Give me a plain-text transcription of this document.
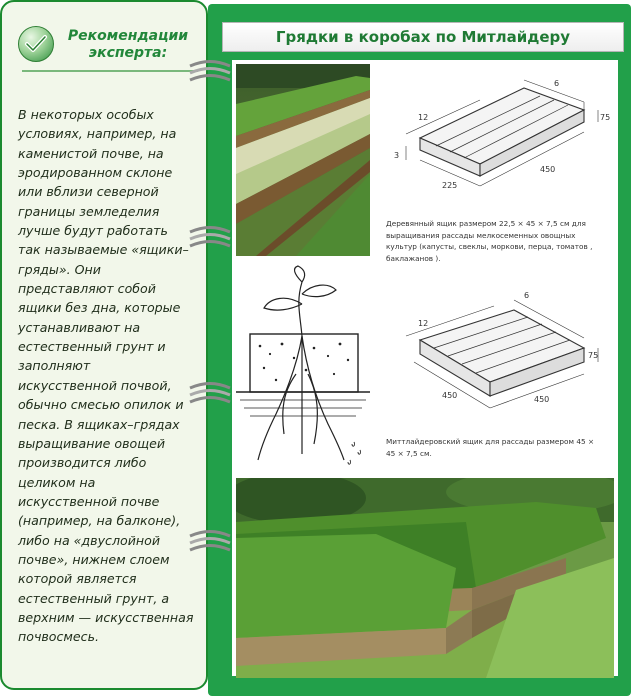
Рекомендации
эксперта:
В некоторых особых
условиях, например, на
каменистой почве, на
эродированном склоне
или вблизи северной
границы земледелия
лучше будут работать
так называемые «ящики–
гряды». Они
представляют собой
ящики без дна, которые
устанавливают на
естественный грунт и
заполняют
искусственной почвой,
обычно смесью опилок и
песка. В ящиках–грядах
выращивание овощей
производится либо
целиком на
искусственной почве
(например, на балконе),
либо на «двуслойной
почве», нижнем слоем
которой является
естественный грунт, а
верхним — искусственная
почвосмесь.
Грядки в коробах по Митлайдеру
6
12	75
3
225
450
Деревянный ящик размером 22,5 × 45 × 7,5 см для
выращивания рассады мелкосеменных овощных
культур (капусты, свеклы, моркови, перца, томатов ,
баклажанов ).
6
12
75
450	450
Миттлайдеровский ящик для рассады размером 45 ×
45 × 7,5 см.
